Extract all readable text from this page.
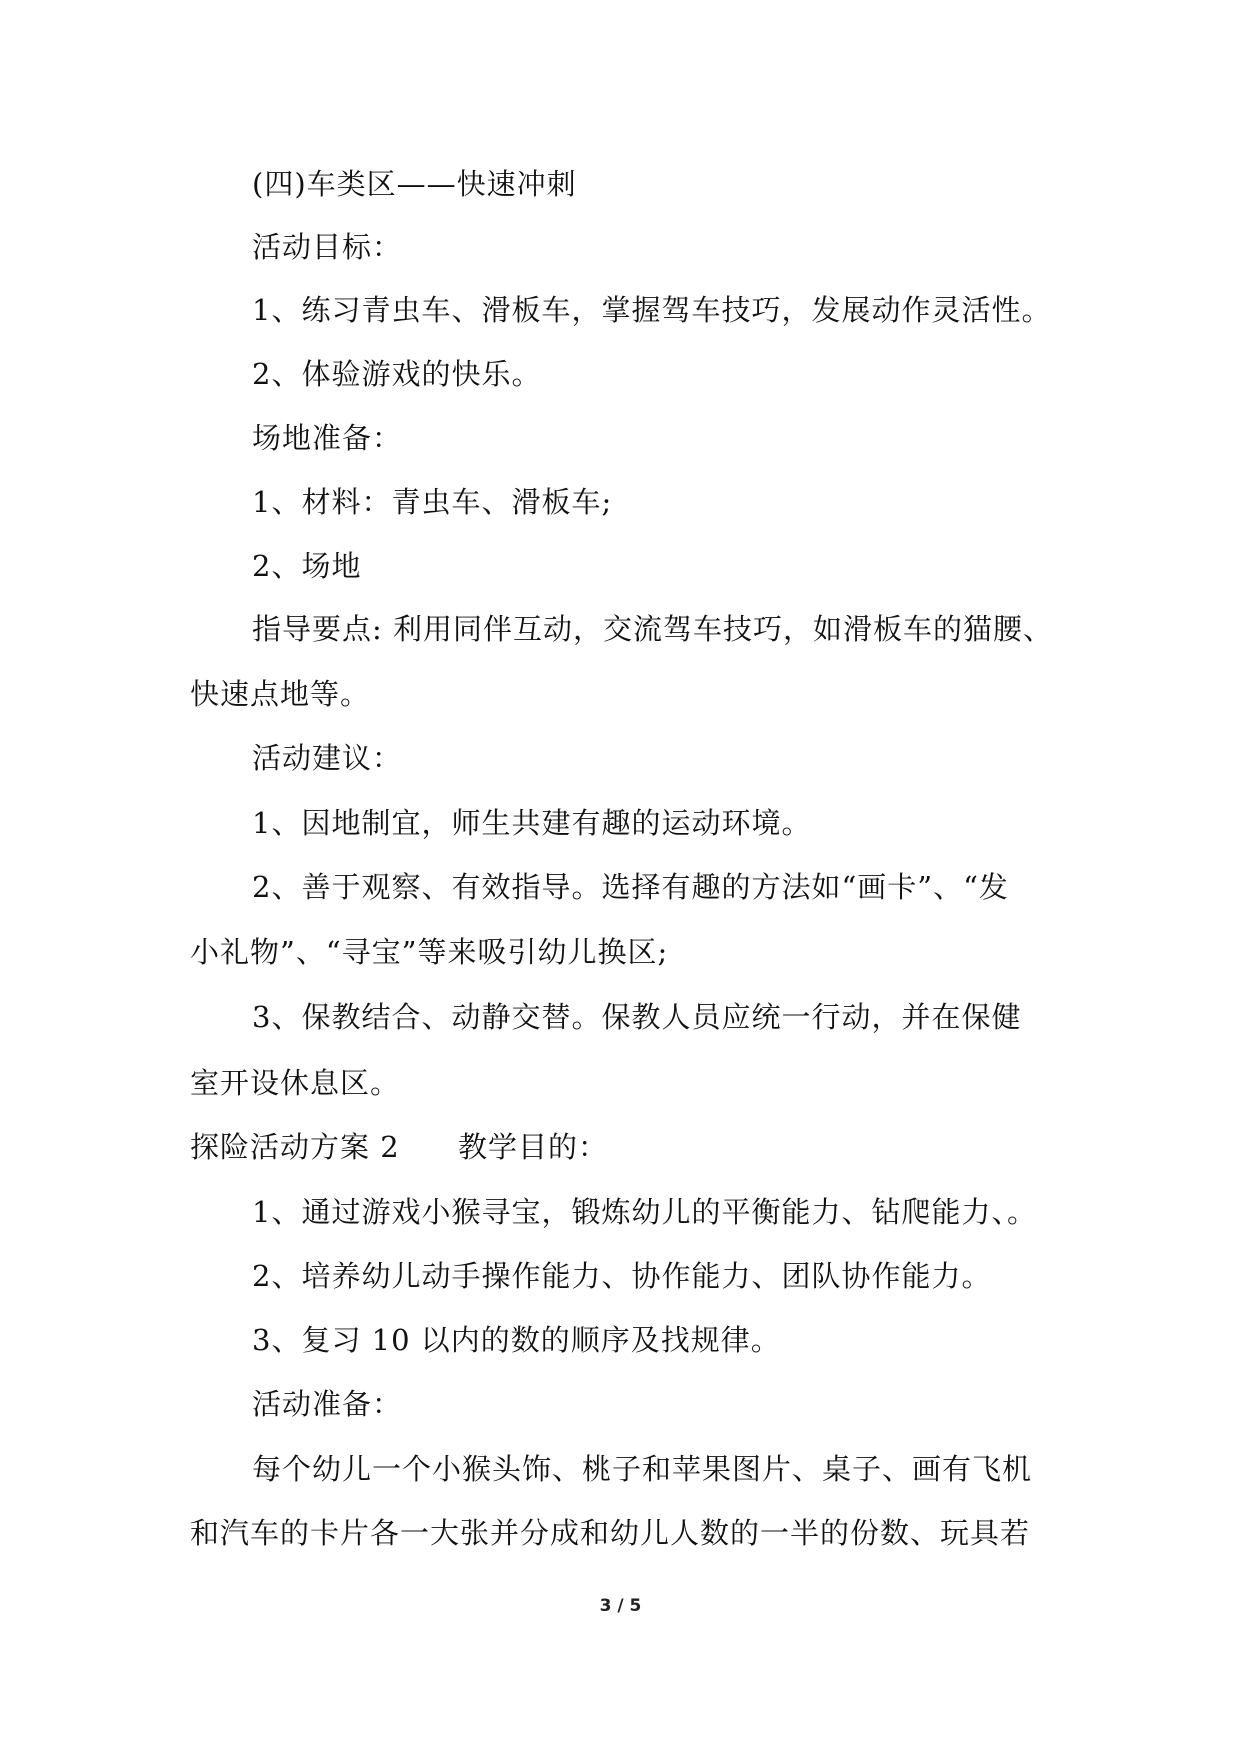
(四)车类区——快速冲刺
活动目标：
1、练习青虫车、滑板车，掌握驾车技巧，发展动作灵活性。
2、体验游戏的快乐。
场地准备：
1、材料：青虫车、滑板车;
2、场地
指导要点: 利用同伴互动，交流驾车技巧，如滑板车的猫腰、
快速点地等。
活动建议：
1、因地制宜，师生共建有趣的运动环境。
2、善于观察、有效指导。选择有趣的方法如“画卡”、“发
小礼物”、“寻宝”等来吸引幼儿换区;
3、保教结合、动静交替。保教人员应统一行动，并在保健
室开设休息区。
探险活动方案 2 教学目的：
1、通过游戏小猴寻宝，锻炼幼儿的平衡能力、钻爬能力、。
2、培养幼儿动手操作能力、协作能力、团队协作能力。
3、复习 10 以内的数的顺序及找规律。
活动准备：
每个幼儿一个小猴头饰、桃子和苹果图片、桌子、画有飞机
和汽车的卡片各一大张并分成和幼儿人数的一半的份数、玩具若
3 / 5
